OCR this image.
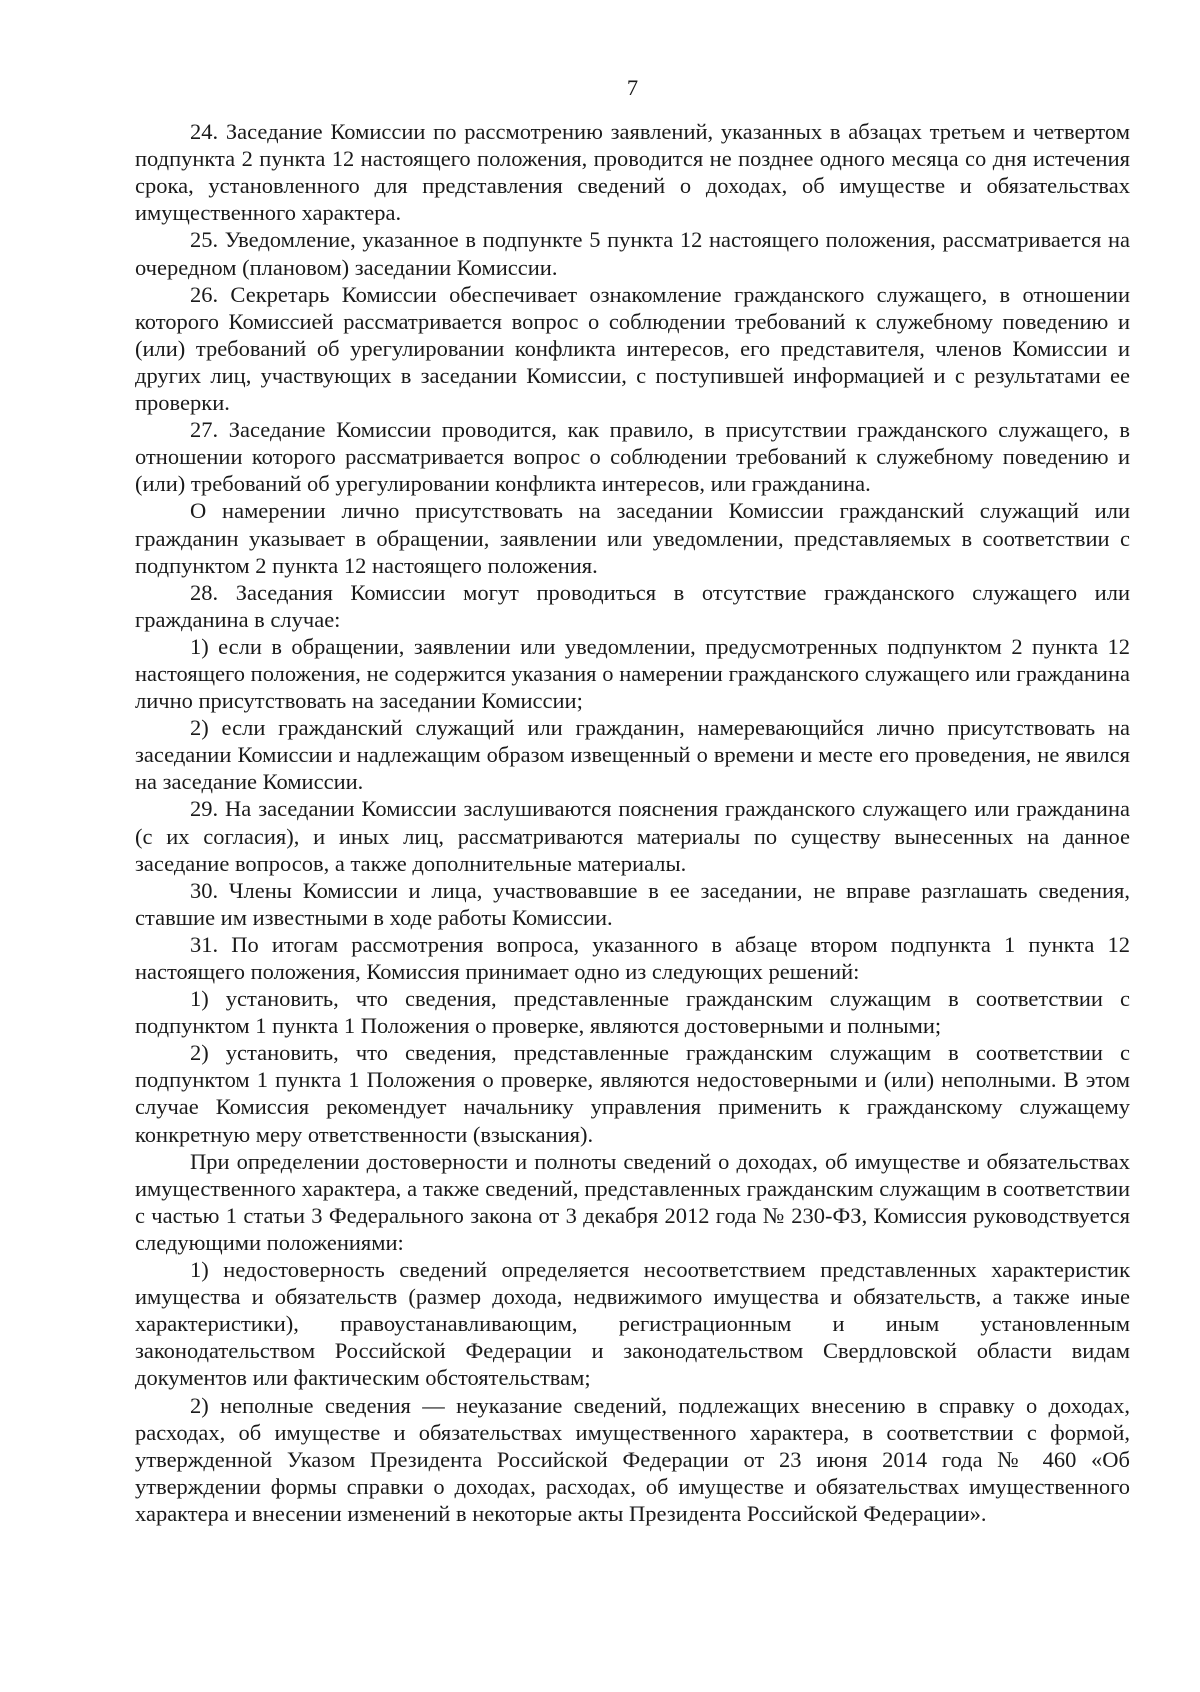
7

24. Заседание Комиссии по рассмотрению заявлений, указанных в абзацах третьем и четвертом подпункта 2 пункта 12 настоящего положения, проводится не позднее одного месяца со дня истечения срока, установленного для представления сведений о доходах, об имуществе и обязательствах имущественного характера.

25. Уведомление, указанное в подпункте 5 пункта 12 настоящего положения, рассматривается на очередном (плановом) заседании Комиссии.

26. Секретарь Комиссии обеспечивает ознакомление гражданского служащего, в отношении которого Комиссией рассматривается вопрос о соблюдении требований к служебному поведению и (или) требований об урегулировании конфликта интересов, его представителя, членов Комиссии и других лиц, участвующих в заседании Комиссии, с поступившей информацией и с результатами ее проверки.

27. Заседание Комиссии проводится, как правило, в присутствии гражданского служащего, в отношении которого рассматривается вопрос о соблюдении требований к служебному поведению и (или) требований об урегулировании конфликта интересов, или гражданина.

О намерении лично присутствовать на заседании Комиссии гражданский служащий или гражданин указывает в обращении, заявлении или уведомлении, представляемых в соответствии с подпунктом 2 пункта 12 настоящего положения.

28. Заседания Комиссии могут проводиться в отсутствие гражданского служащего или гражданина в случае:

1) если в обращении, заявлении или уведомлении, предусмотренных подпунктом 2 пункта 12 настоящего положения, не содержится указания о намерении гражданского служащего или гражданина лично присутствовать на заседании Комиссии;

2) если гражданский служащий или гражданин, намеревающийся лично присутствовать на заседании Комиссии и надлежащим образом извещенный о времени и месте его проведения, не явился на заседание Комиссии.

29. На заседании Комиссии заслушиваются пояснения гражданского служащего или гражданина (с их согласия), и иных лиц, рассматриваются материалы по существу вынесенных на данное заседание вопросов, а также дополнительные материалы.

30. Члены Комиссии и лица, участвовавшие в ее заседании, не вправе разглашать сведения, ставшие им известными в ходе работы Комиссии.

31. По итогам рассмотрения вопроса, указанного в абзаце втором подпункта 1 пункта 12 настоящего положения, Комиссия принимает одно из следующих решений:

1) установить, что сведения, представленные гражданским служащим в соответствии с подпунктом 1 пункта 1 Положения о проверке, являются достоверными и полными;

2) установить, что сведения, представленные гражданским служащим в соответствии с подпунктом 1 пункта 1 Положения о проверке, являются недостоверными и (или) неполными. В этом случае Комиссия рекомендует начальнику управления применить к гражданскому служащему конкретную меру ответственности (взыскания).

При определении достоверности и полноты сведений о доходах, об имуществе и обязательствах имущественного характера, а также сведений, представленных гражданским служащим в соответствии с частью 1 статьи 3 Федерального закона от 3 декабря 2012 года № 230-ФЗ, Комиссия руководствуется следующими положениями:

1) недостоверность сведений определяется несоответствием представленных характеристик имущества и обязательств (размер дохода, недвижимого имущества и обязательств, а также иные характеристики), правоустанавливающим, регистрационным и иным установленным законодательством Российской Федерации и законодательством Свердловской области видам документов или фактическим обстоятельствам;

2) неполные сведения — неуказание сведений, подлежащих внесению в справку о доходах, расходах, об имуществе и обязательствах имущественного характера, в соответствии с формой, утвержденной Указом Президента Российской Федерации от 23 июня 2014 года № 460 «Об утверждении формы справки о доходах, расходах, об имуществе и обязательствах имущественного характера и внесении изменений в некоторые акты Президента Российской Федерации».
